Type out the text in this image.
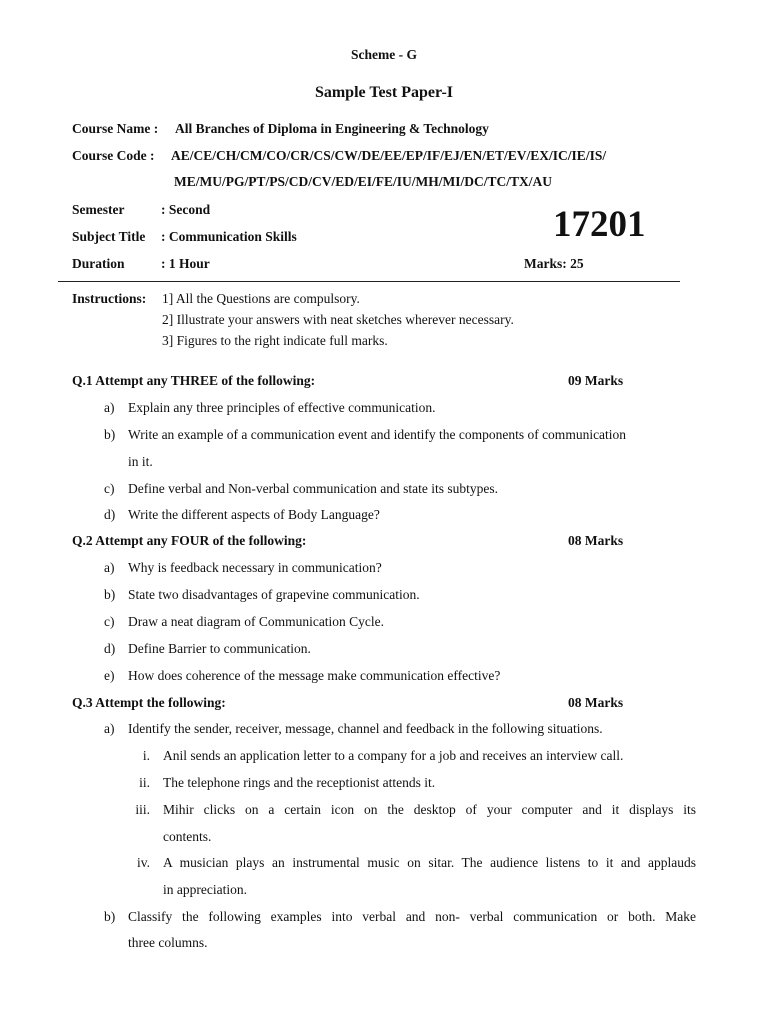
Scheme - G
Sample Test Paper-I
Course Name : All Branches of Diploma in Engineering & Technology
Course Code : AE/CE/CH/CM/CO/CR/CS/CW/DE/EE/EP/IF/EJ/EN/ET/EV/EX/IC/IE/IS/
ME/MU/PG/PT/PS/CD/CV/ED/EI/FE/IU/MH/MI/DC/TC/TX/AU
Semester	: Second
Subject Title : Communication Skills	17201
Duration	: 1 Hour	Marks: 25
Instructions: 1] All the Questions are compulsory.
2] Illustrate your answers with neat sketches wherever necessary.
3] Figures to the right indicate full marks.
Q.1 Attempt any THREE of the following:	09 Marks
a) Explain any three principles of effective communication.
b) Write an example of a communication event and identify the components of communication
in it.
c) Define verbal and Non-verbal communication and state its subtypes.
d) Write the different aspects of Body Language?
Q.2 Attempt any FOUR of the following:	08 Marks
a) Why is feedback necessary in communication?
b) State two disadvantages of grapevine communication.
c) Draw a neat diagram of Communication Cycle.
d) Define Barrier to communication.
e) How does coherence of the message make communication effective?
Q.3 Attempt the following:	08 Marks
a) Identify the sender, receiver, message, channel and feedback in the following situations.
i. Anil sends an application letter to a company for a job and receives an interview call.
ii. The telephone rings and the receptionist attends it.
iii. Mihir clicks on a certain icon on the desktop of your computer and it displays its
contents.
iv. A musician plays an instrumental music on sitar. The audience listens to it and applauds
in appreciation.
b) Classify the following examples into verbal and non- verbal communication or both. Make
three columns.
